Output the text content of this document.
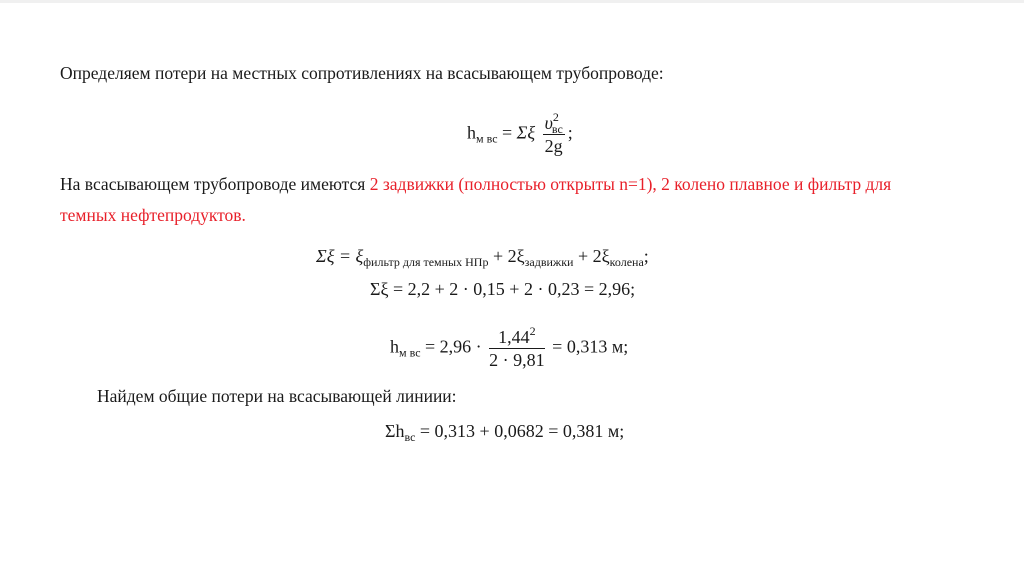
Определяем потери на местных сопротивлениях на всасывающем трубопроводе:
$h_{м вс} = \Sigma\xi \frac{\upsilon^2_{вс}}{2g}$ ;
На всасывающем трубопроводе имеются 2 задвижки (полностью открыты n=1), 2 колено плавное и фильтр для
темных нефтепродуктов.
$\Sigma\xi = \xi_{фильтр для темных НПр} + 2\xi_{задвижки} + 2\xi_{колена}$;
Σξ = 2,2 + 2 · 0,15 + 2 · 0,23 = 2,96;
$h_{м вс} = 2,96 \cdot \frac{1,44^2}{2 \cdot 9,81} = 0,313$ м;
Найдем общие потери на всасывающей линиии:
$\Sigma h_{вс} = 0,313 + 0,0682 = 0,381$ м;
